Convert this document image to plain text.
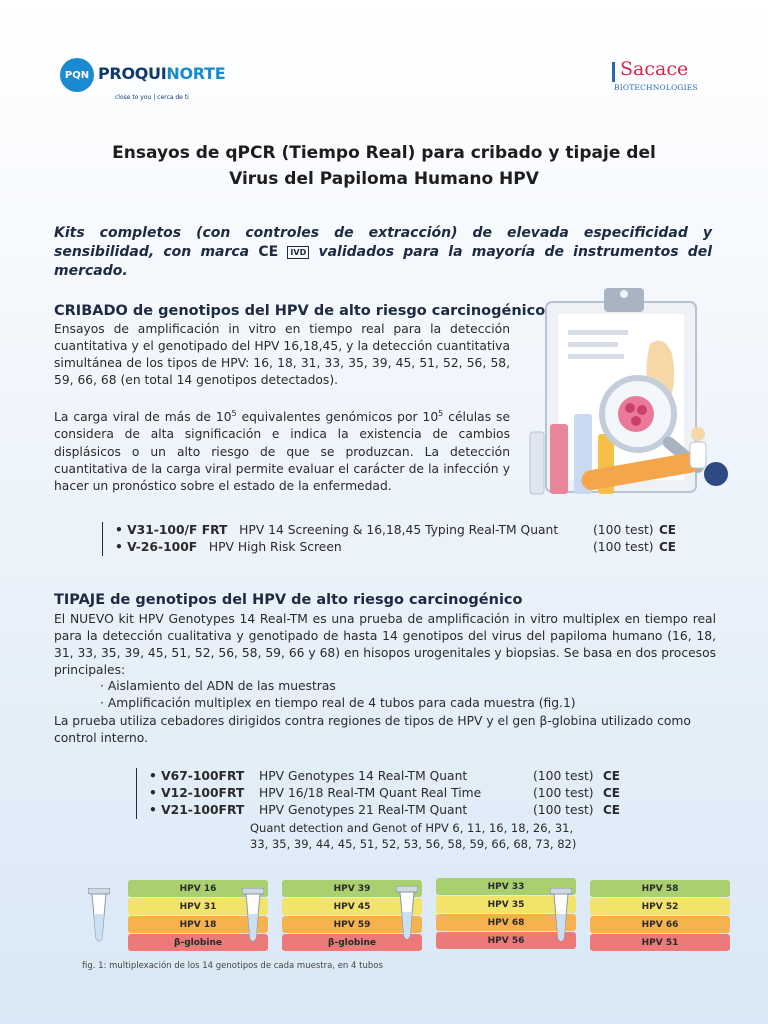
PQN PROQUINORTE
close to you | cerca de ti
Sacace
BIOTECHNOLOGIES
Ensayos de qPCR (Tiempo Real) para cribado y tipaje del
Virus del Papiloma Humano HPV
Kits completos (con controles de extracción) de elevada especificidad y sensibilidad, con marca CE IVD validados para la mayoría de instrumentos del mercado.
CRIBADO de genotipos del HPV de alto riesgo carcinogénico
Ensayos de amplificación in vitro en tiempo real para la detección cuantitativa y el genotipado del HPV 16,18,45, y la detección cuantitativa simultánea de los tipos de HPV: 16, 18, 31, 33, 35, 39, 45, 51, 52, 56, 58, 59, 66, 68 (en total 14 genotipos detectados).
La carga viral de más de $10^5$ equivalentes genómicos por $10^5$ células se considera de alta significación e indica la existencia de cambios displásicos o un alto riesgo de que se produzcan. La detección cuantitativa de la carga viral permite evaluar el carácter de la infección y hacer un pronóstico sobre el estado de la enfermedad.
• V31-100/F FRT HPV 14 Screening & 16,18,45 Typing Real-TM Quant	(100 test) CE
• V-26-100F HPV High Risk Screen	(100 test) CE
TIPAJE de genotipos del HPV de alto riesgo carcinogénico
El NUEVO kit HPV Genotypes 14 Real-TM es una prueba de amplificación in vitro multiplex en tiempo real para la detección cualitativa y genotipado de hasta 14 genotipos del virus del papiloma humano (16, 18, 31, 33, 35, 39, 45, 51, 52, 56, 58, 59, 66 y 68) en hisopos urogenitales y biopsias. Se basa en dos procesos principales:
· Aislamiento del ADN de las muestras
· Amplificación multiplex en tiempo real de 4 tubos para cada muestra (fig.1)
La prueba utiliza cebadores dirigidos contra regiones de tipos de HPV y el gen β-globina utilizado como control interno.
• V67-100FRT HPV Genotypes 14 Real-TM Quant	(100 test) CE
• V12-100FRT HPV 16/18 Real-TM Quant Real Time	(100 test) CE
• V21-100FRT HPV Genotypes 21 Real-TM Quant	(100 test) CE
Quant detection and Genot of HPV 6, 11, 16, 18, 26, 31, 33, 35, 39, 44, 45, 51, 52, 53, 56, 58, 59, 66, 68, 73, 82)
HPV 16
HPV 31
HPV 18
β-globine
HPV 39
HPV 45
HPV 59
β-globine
HPV 33
HPV 35
HPV 68
HPV 56
HPV 58
HPV 52
HPV 66
HPV 51
fig. 1: multiplexación de los 14 genotipos de cada muestra, en 4 tubos
